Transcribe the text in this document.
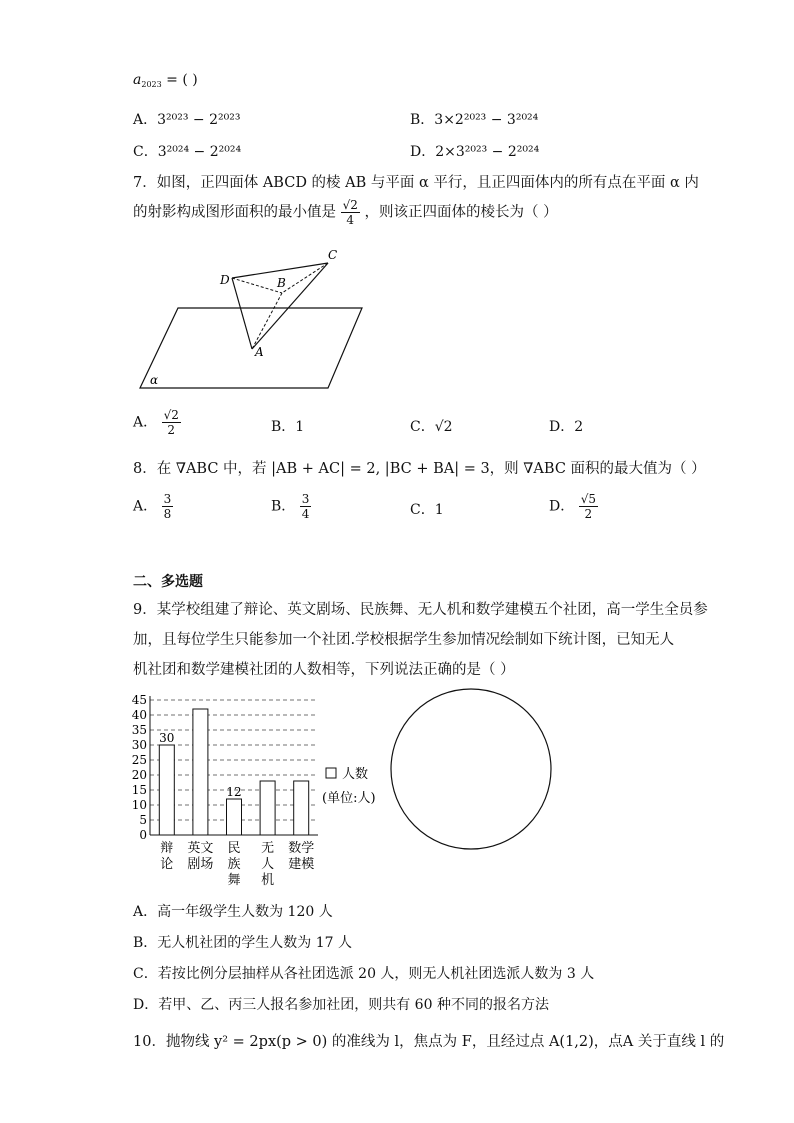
$a_{2023}$ = ( )
A．3²⁰²³ − 2²⁰²³	B．3×2²⁰²³ − 3²⁰²⁴
C．3²⁰²⁴ − 2²⁰²⁴	D．2×3²⁰²³ − 2²⁰²⁴
7．如图，正四面体 ABCD 的棱 AB 与平面 α 平行，且正四面体内的所有点在平面 α 内
的射影构成图形面积的最小值是 $\frac{√2}{4}$ ，则该正四面体的棱长为（ ）
D	B
C
A
α
A． $\frac{√2}{2}$	B．1	C．√2	D．2
8．在 ∇ABC 中，若 |AB + AC| = 2, |BC + BA| = 3，则 ∇ABC 面积的最大值为（ ）
A． $\frac{3}{8}$	B． $\frac{3}{4}$	C．1	D． $\frac{√5}{2}$
二、多选题
9．某学校组建了辩论、英文剧场、民族舞、无人机和数学建模五个社团，高一学生全员参
加，且每位学生只能参加一个社团.学校根据学生参加情况绘制如下统计图，已知无人
机社团和数学建模社团的人数相等，下列说法正确的是（ ）
0
5
10
15
20
25
30
35
40
45
30
辩
论
英文
剧场
12
民
族
舞
无
人
机
数学
建模
人数
(单位:人)
A．高一年级学生人数为 120 人
B．无人机社团的学生人数为 17 人
C．若按比例分层抽样从各社团选派 20 人，则无人机社团选派人数为 3 人
D．若甲、乙、丙三人报名参加社团，则共有 60 种不同的报名方法
10．抛物线 y² = 2px(p > 0) 的准线为 l，焦点为 F，且经过点 A(1,2)，点A 关于直线 l 的
